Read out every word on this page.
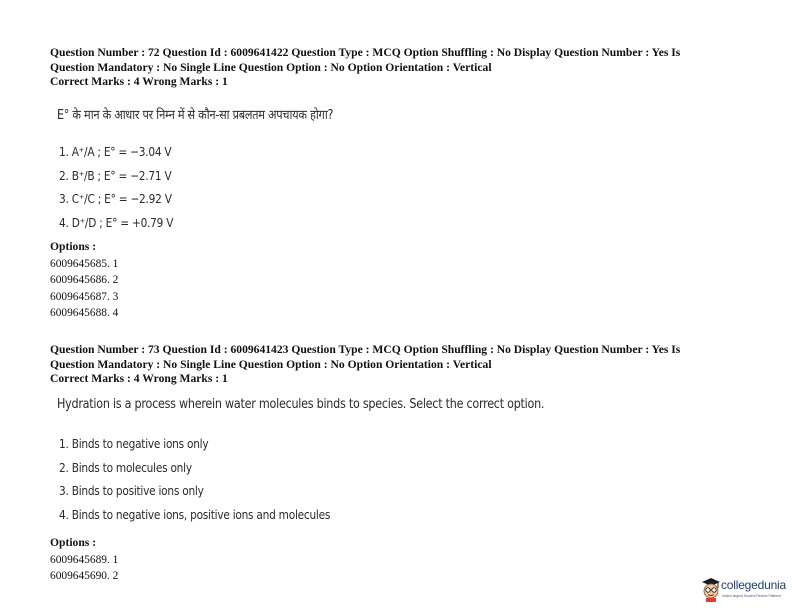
Question Number : 72 Question Id : 6009641422 Question Type : MCQ Option Shuffling : No Display Question Number : Yes Is
Question Mandatory : No Single Line Question Option : No Option Orientation : Vertical
Correct Marks : 4 Wrong Marks : 1

E° के मान के आधार पर निम्न में से कौन-सा प्रबलतम अपचायक होगा?

1. A⁺/A ; E° = −3.04 V
2. B⁺/B ; E° = −2.71 V
3. C⁺/C ; E° = −2.92 V
4. D⁺/D ; E° = +0.79 V

Options :

6009645685. 1
6009645686. 2
6009645687. 3
6009645688. 4
Question Number : 73 Question Id : 6009641423 Question Type : MCQ Option Shuffling : No Display Question Number : Yes Is
Question Mandatory : No Single Line Question Option : No Option Orientation : Vertical
Correct Marks : 4 Wrong Marks : 1

Hydration is a process wherein water molecules binds to species. Select the correct option.

1. Binds to negative ions only
2. Binds to molecules only
3. Binds to positive ions only
4. Binds to negative ions, positive ions and molecules

Options :

6009645689. 1
6009645690. 2
collegedunia
India's largest Student Review Platform
